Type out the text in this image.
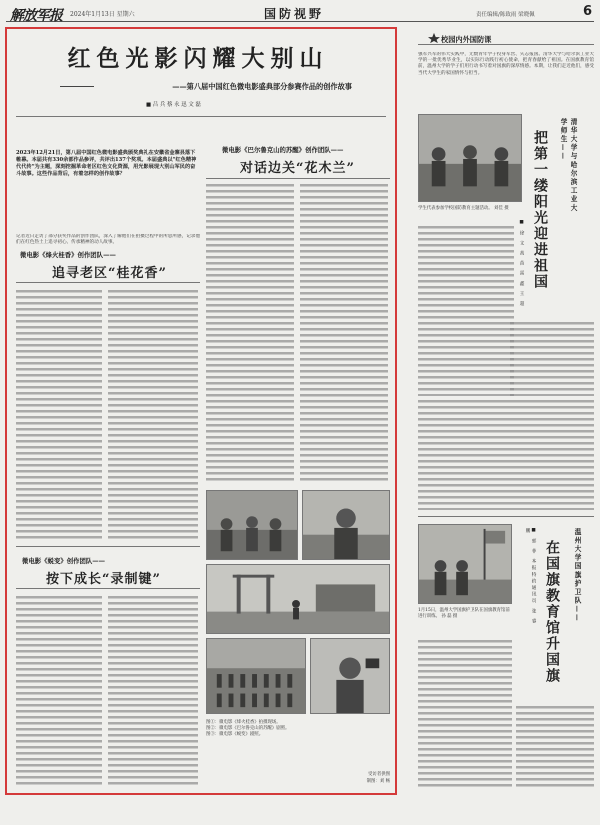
解放军报 2024年1月13日 星期六	国防视野	责任编辑/陈致雨 梁晓佩	6
红色光影闪耀大别山
——第八届中国红色微电影盛典部分参赛作品的创作故事
■ 吕 兵 蔡 永 迅 文 磊
2023年12月21日，第八届中国红色微电影盛典颁奖典礼在安徽省金寨县落下帷幕。本届共有330余部作品参评，共评出137个奖项。本届盛典以“红色精神代代传”为主题，深刻挖掘革命老区红色文化资源，用光影展现大别山军民的奋斗故事。这些作品背后，有着怎样的创作故事？
记者近日走访了部分获奖作品的创作团队，深入了解他们在拍摄过程中的所思所感，记录他们在红色热土上追寻初心、传承精神的动人故事。
微电影《烽火桂香》创作团队——
追寻老区“桂花香”
微电影《巴尔鲁克山的苏醒》创作团队——
对话边关“花木兰”
微电影《蜕变》创作团队——
按下成长“录制键”
图①：微电影《烽火桂香》拍摄现场。
图②：微电影《巴尔鲁克山的苏醒》剧照。
图③：微电影《蜕变》剧照。
受访者供图
制图：刘 畅
校园内外国防课
强军兴军的伟大实践中，无数青年学子投身军营、矢志报国。清华大学与哈尔滨工业大学的一批优秀毕业生，以实际行动践行初心使命，把青春献给了祖国。在国旗教育馆前，温州大学的学子们用行动书写着对国旗的深厚情感。本期，让我们走近他们，感受当代大学生的家国情怀与担当。
学生代表参加学校国防教育主题活动。 刘佳 摄	清华大学与哈尔滨工业大学师生——
把第一缕阳光迎进祖国
■ 徐 文 高 苗 雷 鑫 王 超
1月15日，温州大学国旗护卫队在国旗教育馆前进行训练。 孙 磊 摄	温州大学国旗护卫队——
在国旗教育馆升国旗
■ 郭 菲 本报特约通讯员 张 睿 鹏
